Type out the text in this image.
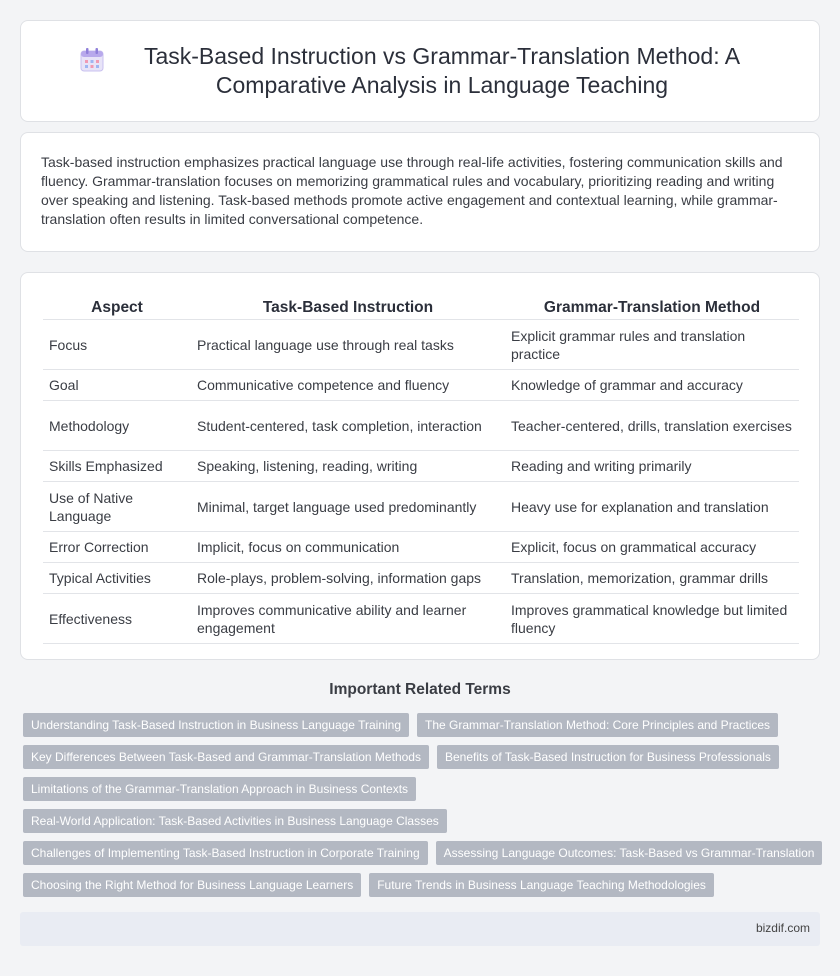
Task-Based Instruction vs Grammar-Translation Method: A Comparative Analysis in Language Teaching

Task-based instruction emphasizes practical language use through real-life activities, fostering communication skills and fluency. Grammar-translation focuses on memorizing grammatical rules and vocabulary, prioritizing reading and writing over speaking and listening. Task-based methods promote active engagement and contextual learning, while grammar-translation often results in limited conversational competence.

Aspect	Task-Based Instruction	Grammar-Translation Method
Focus	Practical language use through real tasks	Explicit grammar rules and translation practice
Goal	Communicative competence and fluency	Knowledge of grammar and accuracy
Methodology	Student-centered, task completion, interaction	Teacher-centered, drills, translation exercises
Skills Emphasized	Speaking, listening, reading, writing	Reading and writing primarily
Use of Native Language	Minimal, target language used predominantly	Heavy use for explanation and translation
Error Correction	Implicit, focus on communication	Explicit, focus on grammatical accuracy
Typical Activities	Role-plays, problem-solving, information gaps	Translation, memorization, grammar drills
Effectiveness	Improves communicative ability and learner engagement	Improves grammatical knowledge but limited fluency
Important Related Terms
Understanding Task-Based Instruction in Business Language Training	The Grammar-Translation Method: Core Principles and Practices
Key Differences Between Task-Based and Grammar-Translation Methods	Benefits of Task-Based Instruction for Business Professionals
Limitations of the Grammar-Translation Approach in Business Contexts
Real-World Application: Task-Based Activities in Business Language Classes
Challenges of Implementing Task-Based Instruction in Corporate Training	Assessing Language Outcomes: Task-Based vs Grammar-Translation
Choosing the Right Method for Business Language Learners	Future Trends in Business Language Teaching Methodologies
bizdif.com
